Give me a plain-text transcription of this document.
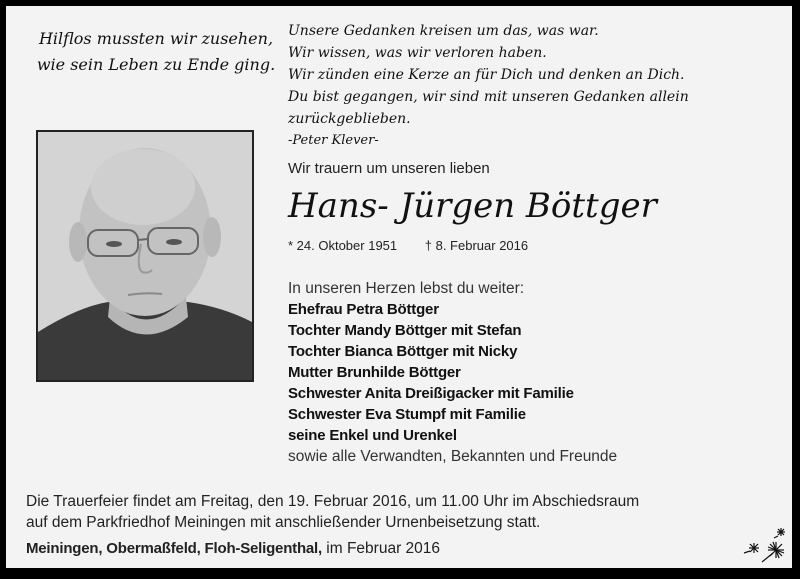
Hilflos mussten wir zusehen,
wie sein Leben zu Ende ging.
Unsere Gedanken kreisen um das, was war.
Wir wissen, was wir verloren haben.
Wir zünden eine Kerze an für Dich und denken an Dich.
Du bist gegangen, wir sind mit unseren Gedanken allein zurückgeblieben.
-Peter Klever-
Wir trauern um unseren lieben
Hans- Jürgen Böttger
* 24. Oktober 1951 † 8. Februar 2016
In unseren Herzen lebst du weiter:
Ehefrau Petra Böttger
Tochter Mandy Böttger mit Stefan
Tochter Bianca Böttger mit Nicky
Mutter Brunhilde Böttger
Schwester Anita Dreißigacker mit Familie
Schwester Eva Stumpf mit Familie
seine Enkel und Urenkel
sowie alle Verwandten, Bekannten und Freunde
Die Trauerfeier findet am Freitag, den 19. Februar 2016, um 11.00 Uhr im Abschiedsraum
auf dem Parkfriedhof Meiningen mit anschließender Urnenbeisetzung statt.
Meiningen, Obermaßfeld, Floh-Seligenthal, im Februar 2016
